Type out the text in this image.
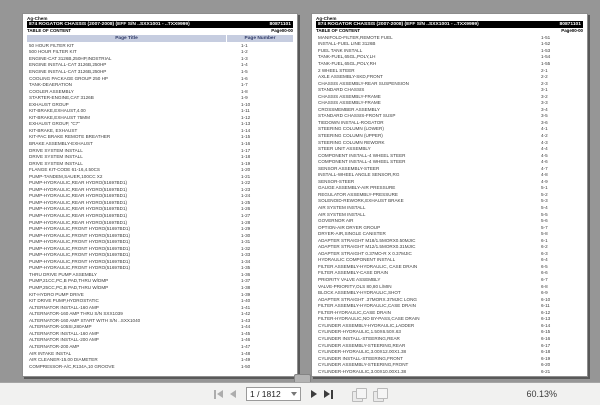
Ag-Chem
874 ROGATOR CHASSIS (2007-2008) (EFF S/N ..SXX1001 - ..TXX9999)	80871101
TABLE OF CONTENT	Page00-00
Page Title	Page Number
50 HOUR FILTER KIT	1-1
500 HOUR FILTER KIT	1-2
ENGINE-CAT 3126B,250HP,INDSTRIAL	1-3
ENGINE INSTALL-CAT 3126B,250HP	1-4
ENGINE INSTALL-CAT 3126B,250HP	1-5
COOLING PACKAGE GROUP 250 HP	1-6
TANK-DEAERATION	1-7
COOLER ASSEMBLY	1-8
STARTER-ENGINE,CAT 3126B	1-9
EXHAUST GROUP	1-10
KIT-BRAKE,EXHAUST,4.00	1-11
KIT-BRAKE,EXHAUST 75MM	1-12
EXHAUST GROUP, "C7"	1-13
KIT-BRAKE, EXHAUST	1-14
KIT-PAC BRAKE REMOTE BREATHER	1-15
BRAKE ASSEMBLY-EXHAUST	1-16
DRIVE SYSTEM INSTALL	1-17
DRIVE SYSTEM INSTALL	1-18
DRIVE SYSTEM INSTALL	1-19
FLANGE KIT-CODE 61-16,4.50CS	1-20
PUMP-TANDEM,SAUER,100CC X2	1-21
PUMP-HYDRAULIC,REAR HYDRO(51697BD1)	1-22
PUMP-HYDRAULIC,REAR HYDRO(51697BD1)	1-23
PUMP-HYDRAULIC,REAR HYDRO(51697BD1)	1-24
PUMP-HYDRAULIC,REAR HYDRO(51697BD1)	1-25
PUMP-HYDRAULIC,REAR HYDRO(51697BD1)	1-26
PUMP-HYDRAULIC,REAR HYDRO(51697BD1)	1-27
PUMP-HYDRAULIC,REAR HYDRO(51697BD1)	1-28
PUMP-HYDRAULIC,FRONT HYDRO(51697BD1)	1-29
PUMP-HYDRAULIC,FRONT HYDRO(51697BD1)	1-30
PUMP-HYDRAULIC,FRONT HYDRO(51697BD1)	1-31
PUMP-HYDRAULIC,FRONT HYDRO(51697BD1)	1-32
PUMP-HYDRAULIC,FRONT HYDRO(51697BD1)	1-33
PUMP-HYDRAULIC,FRONT HYDRO(51697BD1)	1-34
PUMP-HYDRAULIC,FRONT HYDRO(51697BD1)	1-35
THRU DRIVE PUMP ASSEMBLY	1-36
PUMP,21CC,PC,B PAD,THRU W/DMP	1-37
PUMP,25CC,PC,B PAD,THRU W/DMP	1-38
KIT-HYDRO PUMP DRIVE	1-39
KIT DRIVE PUMP,HYDROSTATIC	1-40
ALTERNATOR INSTALL-160 AMP	1-41
ALTERNATOR-160 AMP THRU S/N SXX1039	1-42
ALTERNATOR-160 AMP START WITH S/N ..SXX1040	1-43
ALTERNATOR-105SI,280AMP	1-44
ALTERNATOR INSTALL-160 AMP	1-45
ALTERNATOR INSTALL-200 AMP	1-46
ALTERNATOR-200 AMP	1-47
AIR INTAKE INSTAL	1-48
AIR CLEANER-15.00 DIAMETER	1-49
COMPRESSOR-A/C,R134A,10 GROOVE	1-50
Ag-Chem
874 ROGATOR CHASSIS (2007-2008) (EFF S/N ..SXX1001 - ..TXX9999)	80871101
TABLE OF CONTENT	Page00-00
MANIFOLD-FILTER,REMOTE FUEL	1-51
INSTALL-FUEL LINE 3126B	1-52
FUEL TANK INSTALL	1-53
TANK-FUEL,65GL,POLY,LH	1-54
TANK-FUEL,65GL,POLY,RH	1-55
2 WHEEL STEER	2-1
AXLE ASSEMBLY-SKD,FRONT	2-2
CHASSIS ASSEMBLY-REAR SUSPENSION	2-3
STANDARD CHASSIS	3-1
CHASSIS ASSEMBLY-FRAME	3-2
CHASSIS ASSEMBLY-FRAME	3-3
CROSSMEMBER ASSEMBLY	3-4
STANDARD CHASSIS-FRONT SUSP	3-5
TIEDOWN INSTALL-ROGATOR	3-6
STEERING COLUMN (LOWER)	4-1
STEERING COLUMN (UPPER)	4-2
STEERING COLUMN REWORK	4-3
STEER UNIT ASSEMBLY	4-4
COMPONENT INSTALL-4 WHEEL STEER	4-5
COMPONENT INSTALL-4 WHEEL STEER	4-6
SENSOR ASSEMBLY-STEER	4-7
INSTALL-WHEEL ANGLE SENSOR,RG	4-8
SENSOR-STEER	4-9
GAUGE ASSEMBLY-AIR PRESSURE	5-1
REGULATOR ASSEMBLY-PRESSURE	5-2
SOLENOID-REWORK,EXHAUST BRAKE	5-3
AIR SYSTEM INSTALL	5-4
AIR SYSTEM INSTALL	5-5
GOVERNOR AIR	5-6
OPTION-AIR DRYER GROUP	5-7
DRYER-AIR,SINGLE CANISTER	5-8
ADAPTER STRAIGHT M18/1.5MORX0.50MJIC	6-1
ADAPTER STRAIGHT M12/1.5MORX0.31MJIC	6-2
ADAPTER STRAIGHT 0.37MO-R X 0.37MJIC	6-3
HYDRAULIC COMPONENT INSTALL	6-4
FILTER ASSEMBLY-HYDRAULIC, CASE DRAIN	6-5
FILTER ASSEMBLY-CASE DRAIN	6-6
PRIORITY VALVE ASSEMBLY	6-7
VALVE-PRIORITY,OLS 80,80 L/MIN	6-8
BLOCK ASSEMBLY-HYDRAULIC,SHOT	6-9
ADAPTER STRAIGHT .37MORX.37MJIC LONG	6-10
FILTER ASSEMBLY-HYDRAULIC,CASE DRAIN	6-11
FILTER-HYDRAULIC,CASE DRAIN	6-12
FILTER-HYDRAULIC,NO BY-PASS,CASE DRAIN	6-13
CYLINDER ASSEMBLY-HYDRAULIC,LADDER	6-14
CYLINDER-HYDRAULIC,1.50X6.50X.63	6-15
CYLINDER INSTALL-STEERING,REAR	6-16
CYLINDER ASSEMBLY-STEERING,REAR	6-17
CYLINDER-HYDRAULIC,3.00X12.00X1.38	6-18
CYLINDER INSTALL-STEERING,FRONT	6-19
CYLINDER ASSEMBLY-STEERING,FRONT	6-20
CYLINDER-HYDRAULIC,3.00X10.00X1.38	6-21
1 / 1812	60.13%
